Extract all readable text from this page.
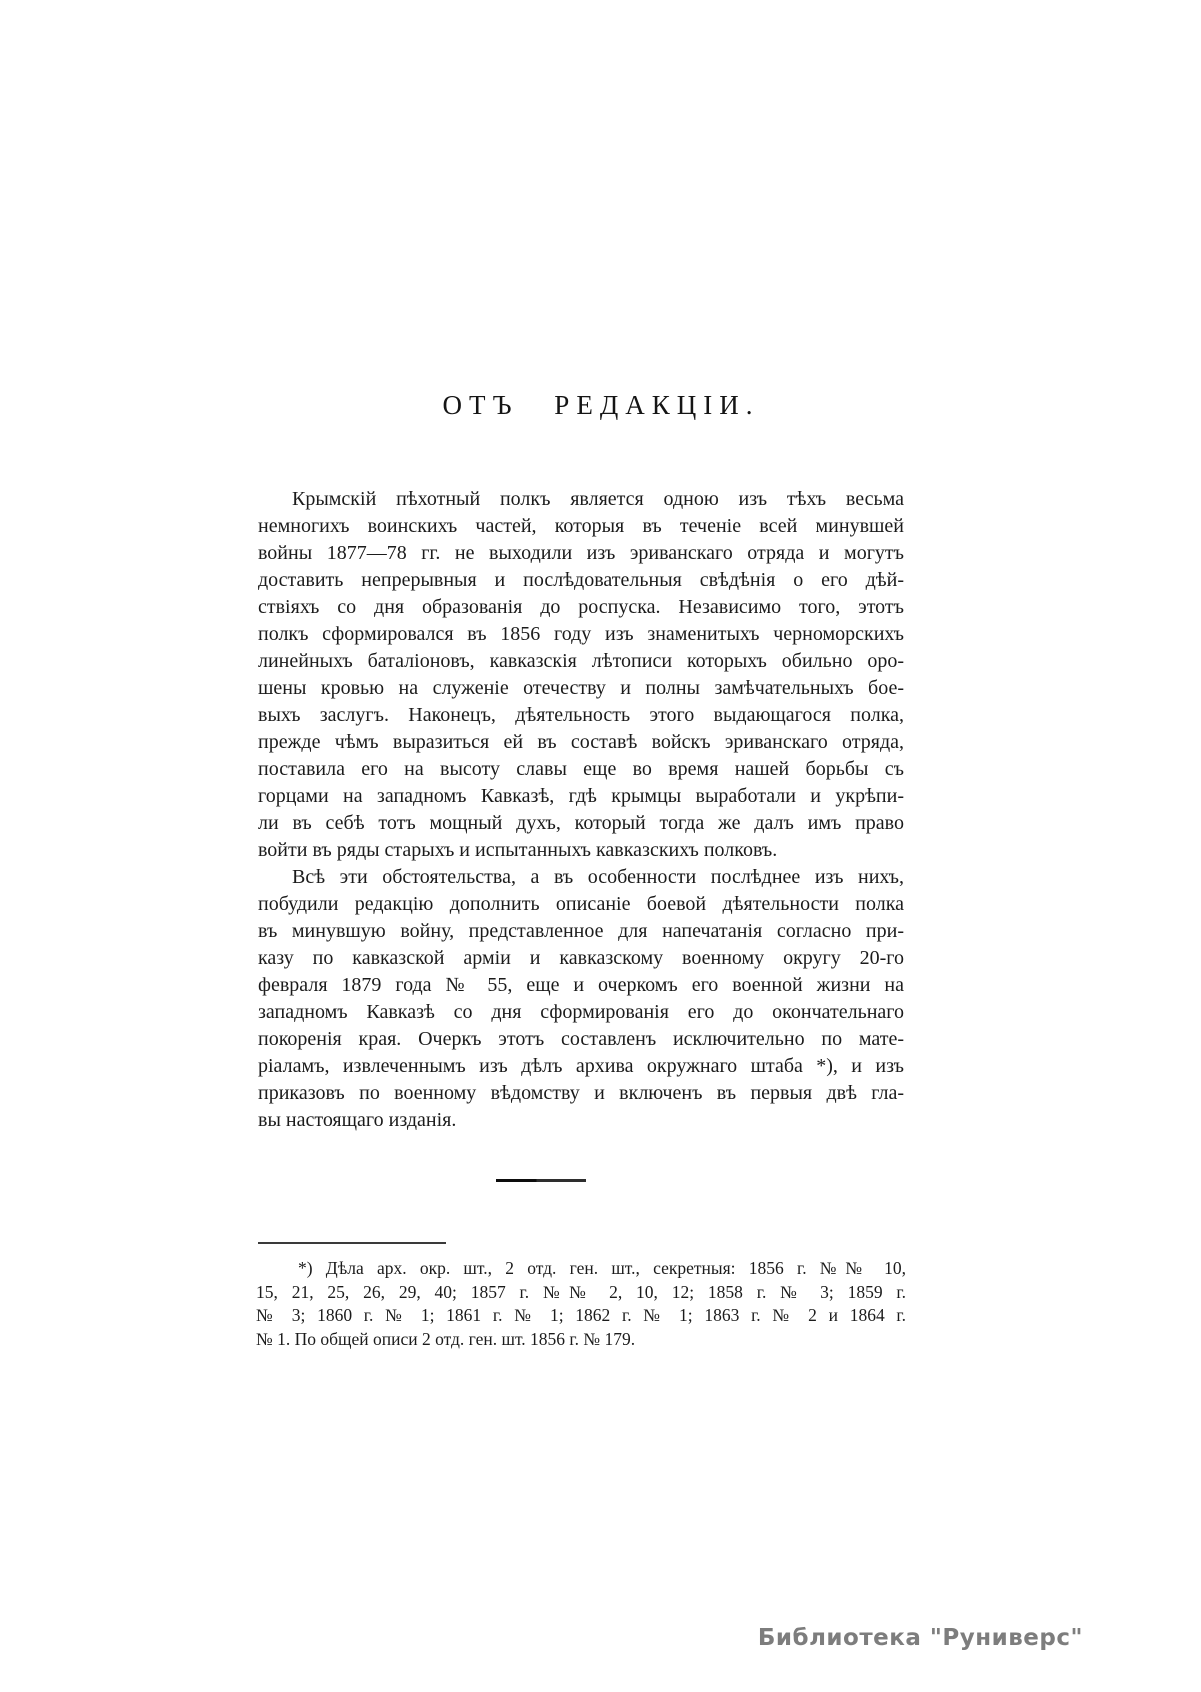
ОТЪ РЕДАКЦІИ.
Крымскій пѣхотный полкъ является одною изъ тѣхъ весьма
немногихъ воинскихъ частей, которыя въ теченіе всей минувшей
войны 1877—78 гг. не выходили изъ эриванскаго отряда и могутъ
доставить непрерывныя и послѣдовательныя свѣдѣнія о его дѣй-
ствіяхъ со дня образованія до роспуска. Независимо того, этотъ
полкъ сформировался въ 1856 году изъ знаменитыхъ черноморскихъ
линейныхъ баталіоновъ, кавказскія лѣтописи которыхъ обильно оро-
шены кровью на служеніе отечеству и полны замѣчательныхъ бое-
выхъ заслугъ. Наконецъ, дѣятельность этого выдающагося полка,
прежде чѣмъ выразиться ей въ составѣ войскъ эриванскаго отряда,
поставила его на высоту славы еще во время нашей борьбы съ
горцами на западномъ Кавказѣ, гдѣ крымцы выработали и укрѣпи-
ли въ себѣ тотъ мощный духъ, который тогда же далъ имъ право
войти въ ряды старыхъ и испытанныхъ кавказскихъ полковъ.
Всѣ эти обстоятельства, а въ особенности послѣднее изъ нихъ,
побудили редакцію дополнить описаніе боевой дѣятельности полка
въ минувшую войну, представленное для напечатанія согласно при-
казу по кавказской арміи и кавказскому военному округу 20-го
февраля 1879 года № 55, еще и очеркомъ его военной жизни на
западномъ Кавказѣ со дня сформированія его до окончательнаго
покоренія края. Очеркъ этотъ составленъ исключительно по мате-
ріаламъ, извлеченнымъ изъ дѣлъ архива окружнаго штаба *), и изъ
приказовъ по военному вѣдомству и включенъ въ первыя двѣ гла-
вы настоящаго изданія.
*) Дѣла арх. окр. шт., 2 отд. ген. шт., секретныя: 1856 г. №№ 10,
15, 21, 25, 26, 29, 40; 1857 г. №№ 2, 10, 12; 1858 г. № 3; 1859 г.
№ 3; 1860 г. № 1; 1861 г. № 1; 1862 г. № 1; 1863 г. № 2 и 1864 г.
№ 1. По общей описи 2 отд. ген. шт. 1856 г. № 179.
Библиотека "Руниверс"
